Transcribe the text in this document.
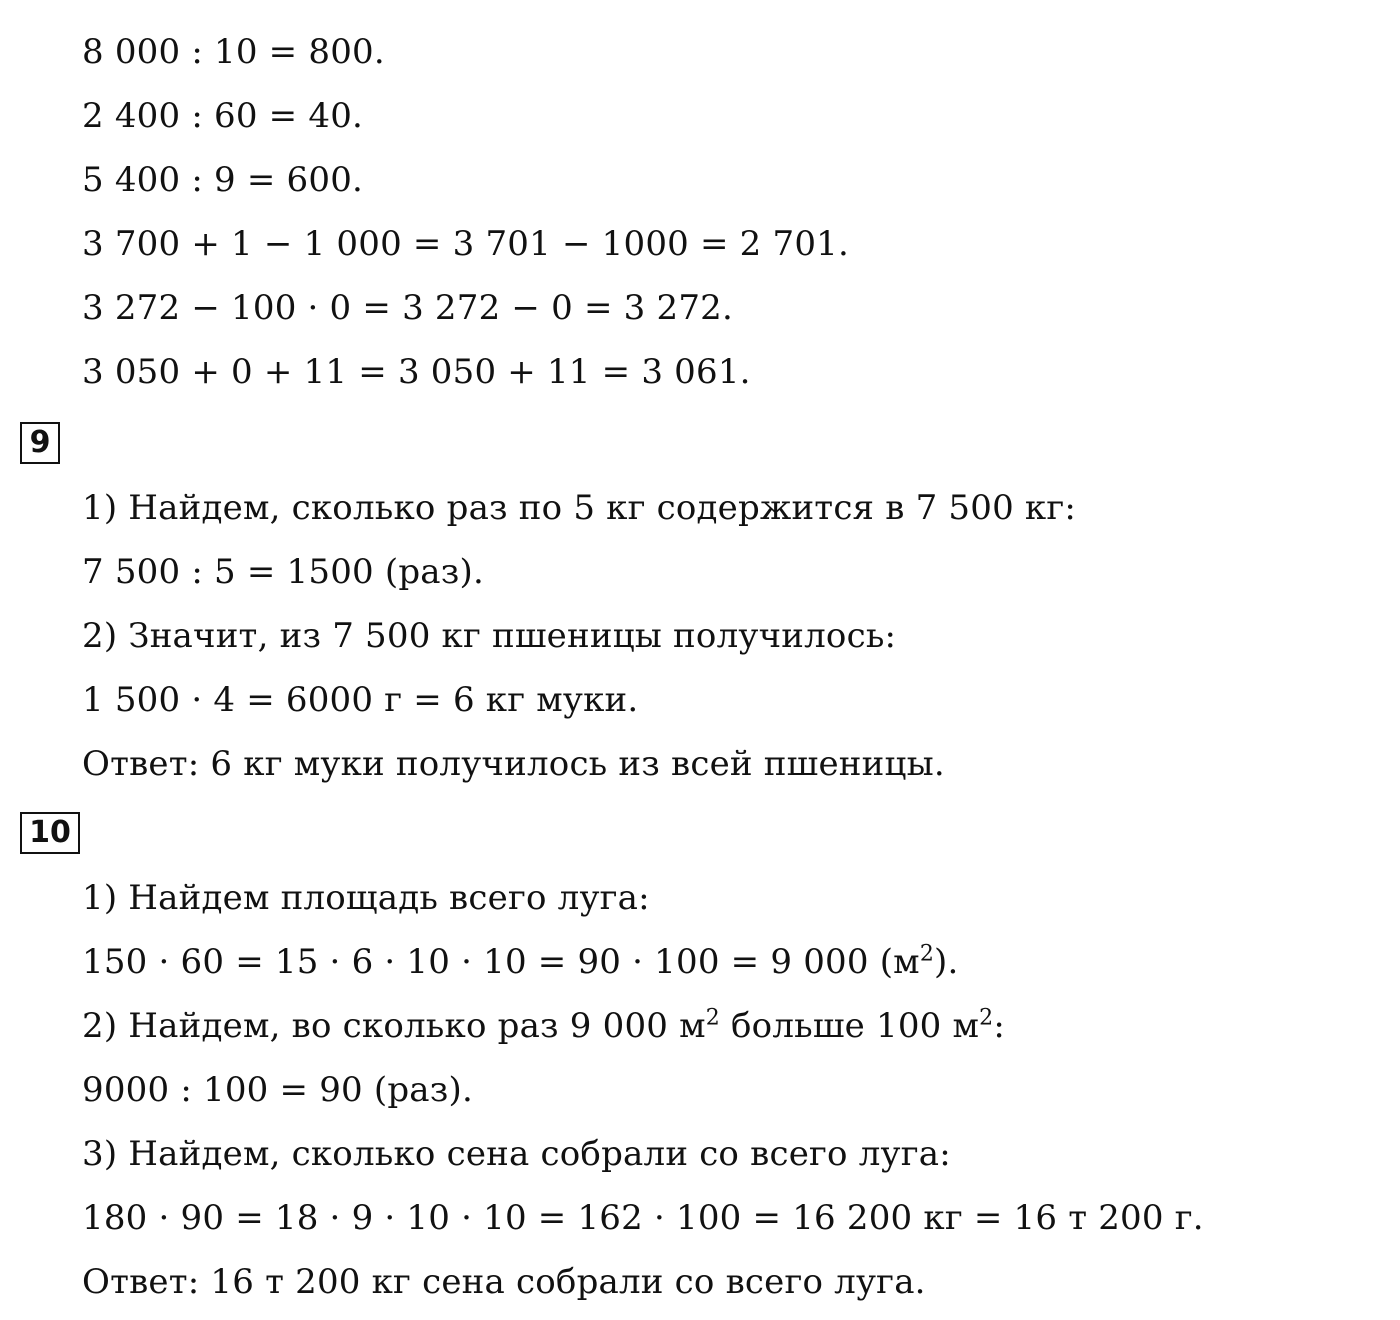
8 000 : 10 = 800.
2 400 : 60 = 40.
5 400 : 9 = 600.
3 700 + 1 − 1 000 = 3 701 − 1000 = 2 701.
3 272 − 100 · 0 = 3 272 − 0 = 3 272.
3 050 + 0 + 11 = 3 050 + 11 = 3 061.
9
1) Найдем, сколько раз по 5 кг содержится в 7 500 кг:
7 500 : 5 = 1500 (раз).
2) Значит, из 7 500 кг пшеницы получилось:
1 500 · 4 = 6000 г = 6 кг муки.
Ответ: 6 кг муки получилось из всей пшеницы.
10
1) Найдем площадь всего луга:
150 · 60 = 15 · 6 · 10 · 10 = 90 · 100 = 9 000 $(м^2)$.
2) Найдем, во сколько раз 9 000 $м^2$ больше 100 $м^2$:
9000 : 100 = 90 (раз).
3) Найдем, сколько сена собрали со всего луга:
180 · 90 = 18 · 9 · 10 · 10 = 162 · 100 = 16 200 кг = 16 т 200 г.
Ответ: 16 т 200 кг сена собрали со всего луга.
